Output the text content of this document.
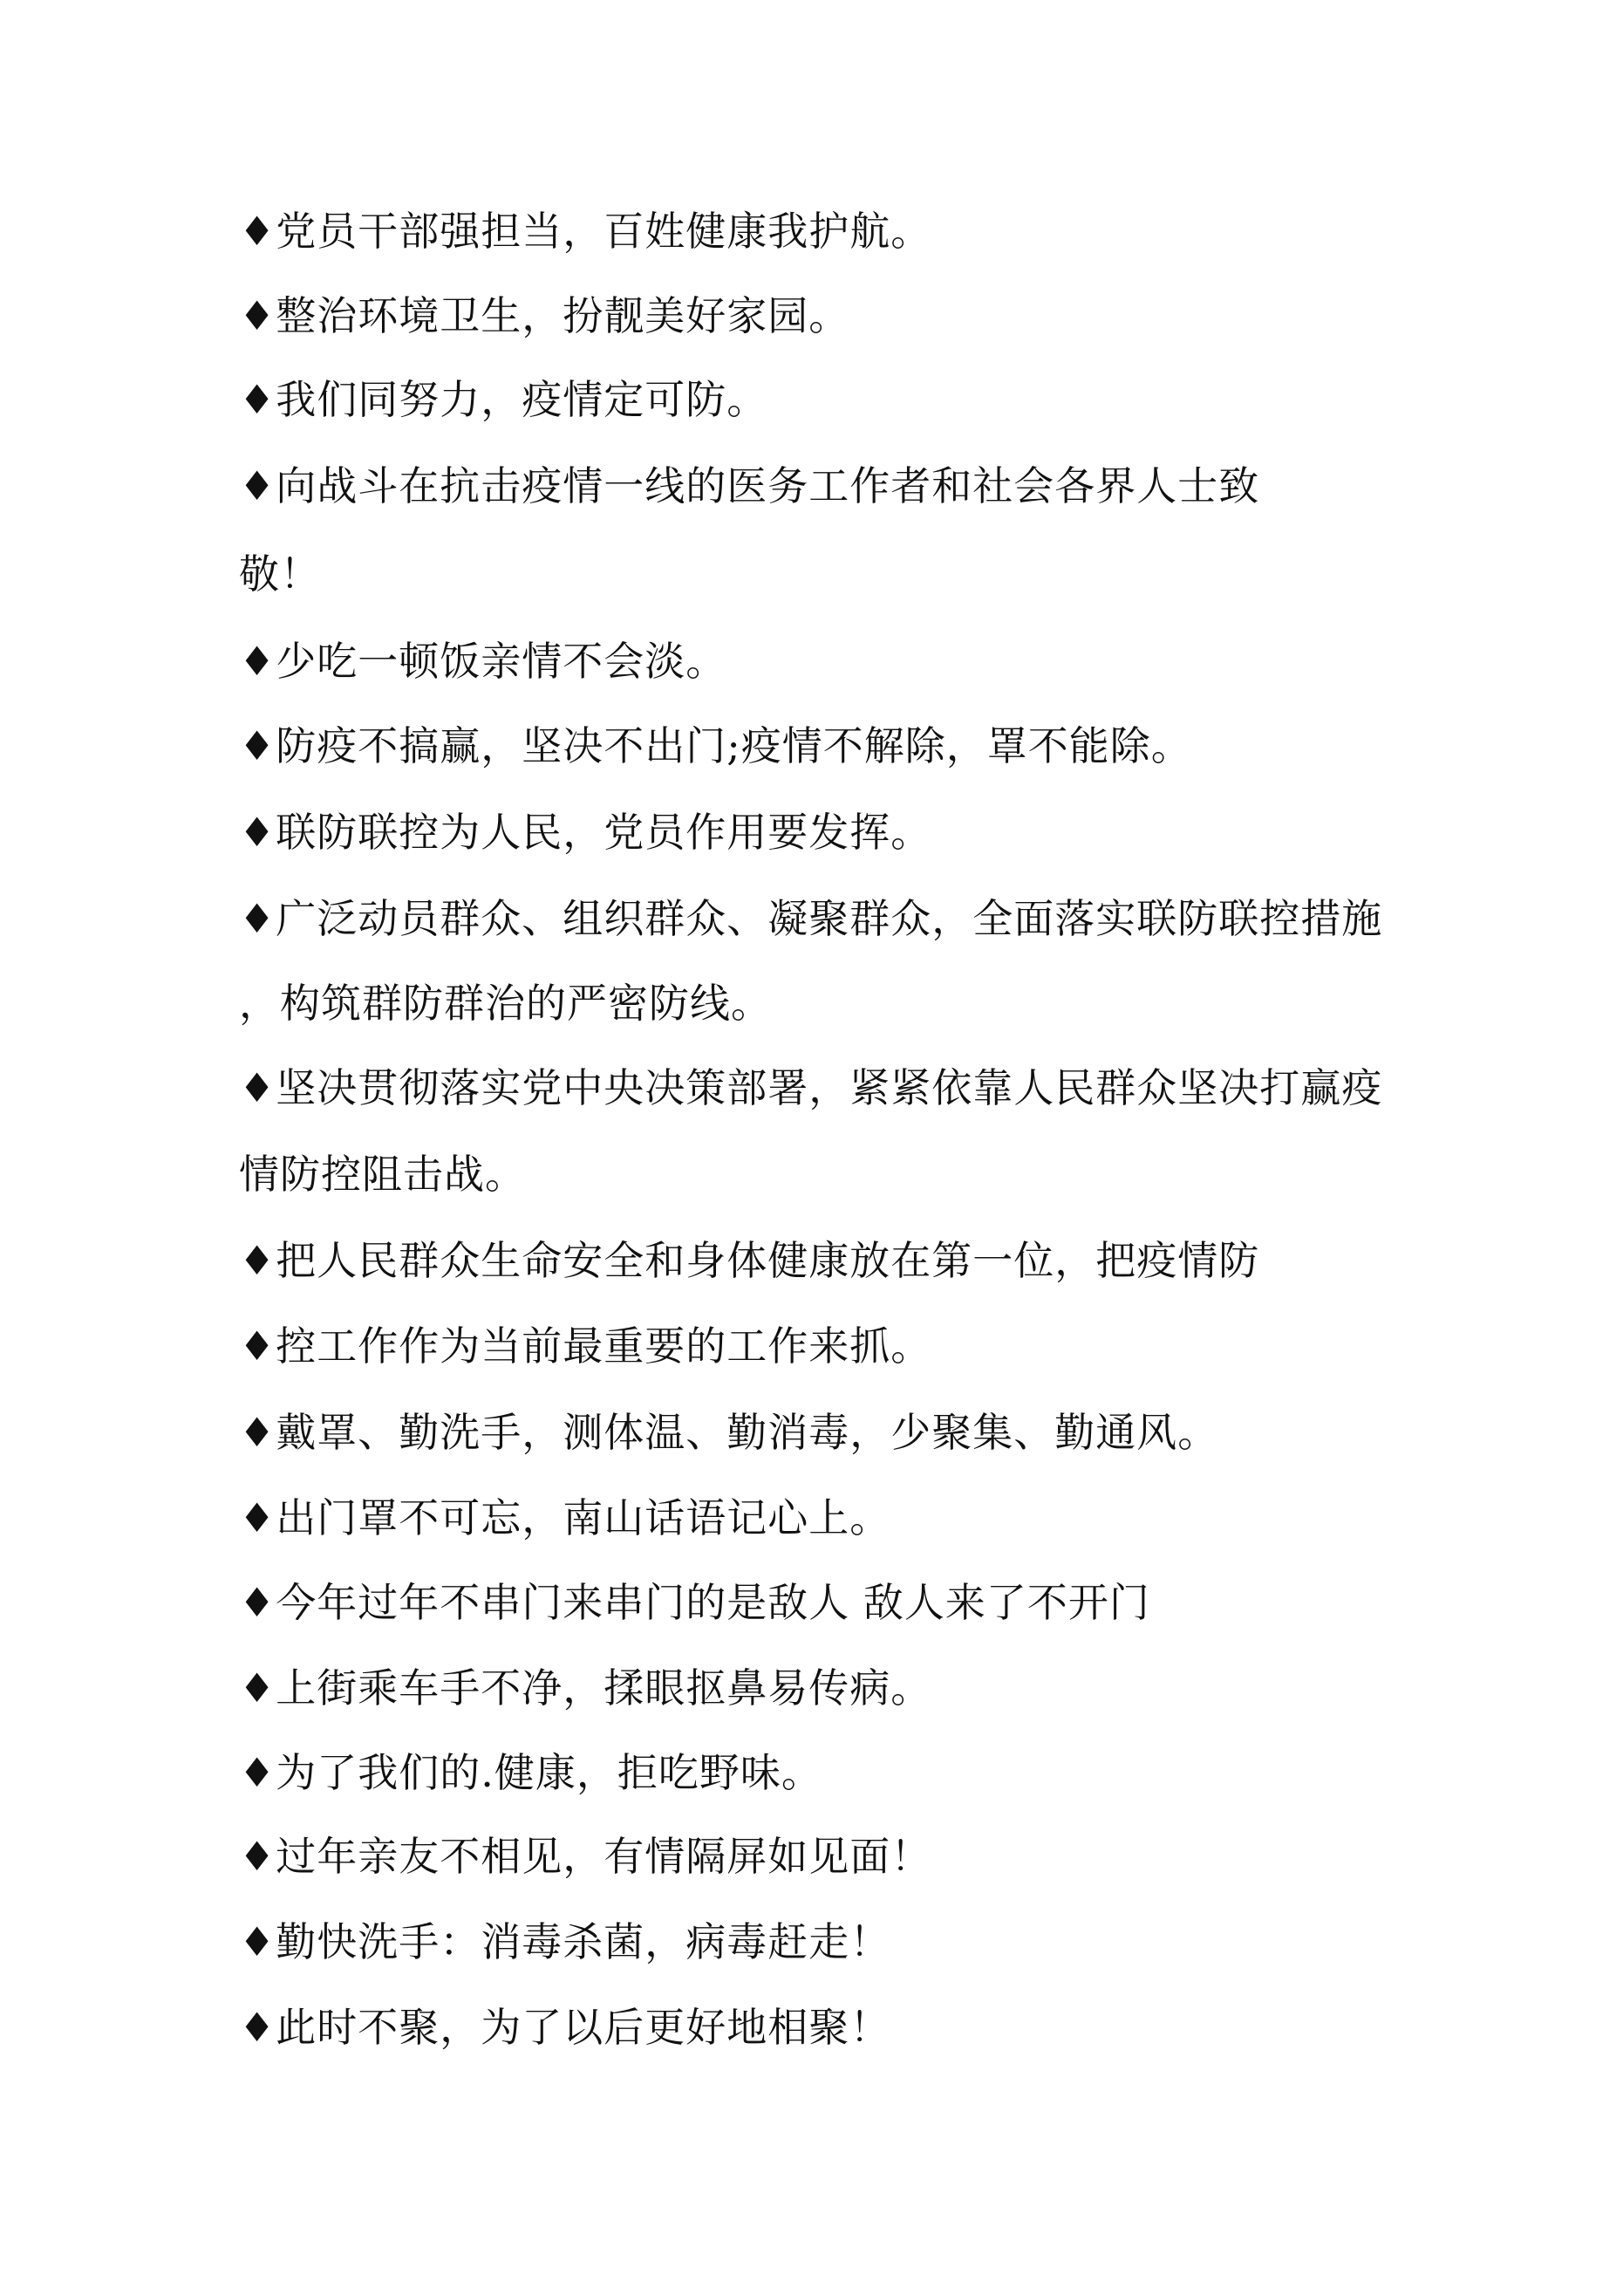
♦党员干部强担当，百姓健康我护航。
♦整治环境卫生，扮靓美好家园。
♦我们同努力，疫情定可防。
♦向战斗在抗击疫情一线的医务工作者和社会各界人士致
敬！
♦少吃一顿饭亲情不会淡。
♦防疫不搞赢，坚决不出门;疫情不解除，罩不能除。
♦联防联控为人民，党员作用要发挥。
♦广泛动员群众、组织群众、凝聚群众，全面落实联防联控措施
，构筑群防群治的严密防线。
♦坚决贯彻落实党中央决策部署，紧紧依靠人民群众坚决打赢疫
情防控阻击战。
♦把人民群众生命安全和身体健康放在第一位，把疫情防
♦控工作作为当前最重要的工作来抓。
♦戴罩、勤洗手，测体温、勤消毒，少聚集、勤通风。
♦出门罩不可忘，南山话语记心上。
♦今年过年不串门来串门的是敌人 敌人来了不开门
♦上街乘车手不净，揉眼抠鼻易传病。
♦为了我们的.健康，拒吃野味。
♦过年亲友不相见，有情隔屏如见面！
♦勤快洗手：消毒杀菌，病毒赶走！
♦此时不聚，为了以后更好地相聚！
